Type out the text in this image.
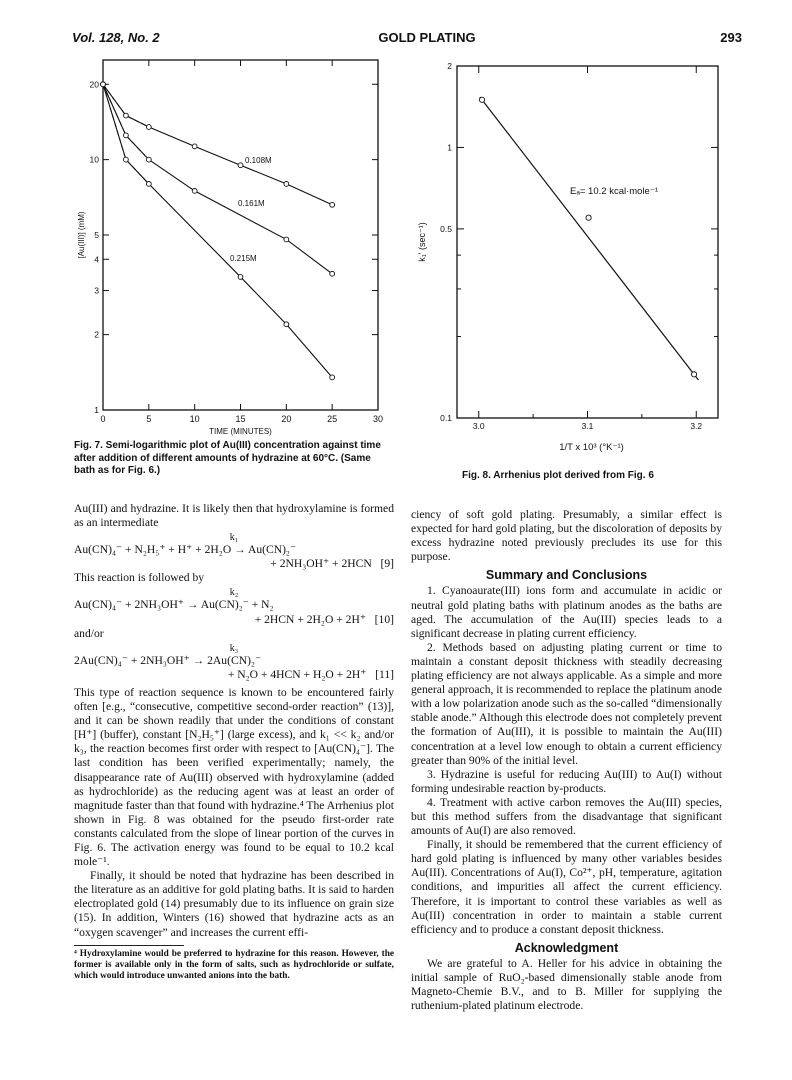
Vol. 128, No. 2	GOLD PLATING	293
0	5	10	15	20	25	30
1
2
3
4
5
10
20
TIME (MINUTES)
[Au(III)] (mM)
0.108M
0.161M
0.215M
Fig. 7. Semi-logarithmic plot of Au(III) concentration against time after addition of different amounts of hydrazine at 60°C. (Same bath as for Fig. 6.)
3.0	3.1	3.2
0.1
0.5
1
2
k₁' (sec⁻¹)
1/T x 10³ (°K⁻¹)
Eₐ= 10.2 kcal·mole⁻¹
Fig. 8. Arrhenius plot derived from Fig. 6

Au(III) and hydrazine. It is likely then that hydroxylamine is formed as an intermediate

k₁

Au(CN)₄⁻ + N₂H₅⁺ + H⁺ + 2H₂O → Au(CN)₂⁻

+ 2NH₃OH⁺ + 2HCN [9]

This reaction is followed by

k₂

Au(CN)₄⁻ + 2NH₃OH⁺ → Au(CN)₂⁻ + N₂

+ 2HCN + 2H₂O + 2H⁺ [10]

and/or

k₃

2Au(CN)₄⁻ + 2NH₃OH⁺ → 2Au(CN)₂⁻

+ N₂O + 4HCN + H₂O + 2H⁺ [11]

This type of reaction sequence is known to be encountered fairly often [e.g., “consecutive, competitive second-order reaction” (13)], and it can be shown readily that under the conditions of constant [H⁺] (buffer), constant [N₂H₅⁺] (large excess), and k₁ << k₂ and/or k₃, the reaction becomes first order with respect to [Au(CN)₄⁻]. The last condition has been verified experimentally; namely, the disappearance rate of Au(III) observed with hydroxylamine (added as hydrochloride) as the reducing agent was at least an order of magnitude faster than that found with hydrazine.⁴ The Arrhenius plot shown in Fig. 8 was obtained for the pseudo first-order rate constants calculated from the slope of linear portion of the curves in Fig. 6. The activation energy was found to be equal to 10.2 kcal mole⁻¹.

Finally, it should be noted that hydrazine has been described in the literature as an additive for gold plating baths. It is said to harden electroplated gold (14) presumably due to its influence on grain size (15). In addition, Winters (16) showed that hydrazine acts as an “oxygen scavenger” and increases the current effi-

⁴ Hydroxylamine would be preferred to hydrazine for this reason. However, the former is available only in the form of salts, such as hydrochloride or sulfate, which would introduce unwanted anions into the bath.

ciency of soft gold plating. Presumably, a similar effect is expected for hard gold plating, but the discoloration of deposits by excess hydrazine noted previously precludes its use for this purpose.

Summary and Conclusions

1. Cyanoaurate(III) ions form and accumulate in acidic or neutral gold plating baths with platinum anodes as the baths are aged. The accumulation of the Au(III) species leads to a significant decrease in plating current efficiency.

2. Methods based on adjusting plating current or time to maintain a constant deposit thickness with steadily decreasing plating efficiency are not always applicable. As a simple and more general approach, it is recommended to replace the platinum anode with a low polarization anode such as the so-called “dimensionally stable anode.” Although this electrode does not completely prevent the formation of Au(III), it is possible to maintain the Au(III) concentration at a level low enough to obtain a current efficiency greater than 90% of the initial level.

3. Hydrazine is useful for reducing Au(III) to Au(I) without forming undesirable reaction by-products.

4. Treatment with active carbon removes the Au(III) species, but this method suffers from the disadvantage that significant amounts of Au(I) are also removed.

Finally, it should be remembered that the current efficiency of hard gold plating is influenced by many other variables besides Au(III). Concentrations of Au(I), Co²⁺, pH, temperature, agitation conditions, and impurities all affect the current efficiency. Therefore, it is important to control these variables as well as Au(III) concentration in order to maintain a stable current efficiency and to produce a constant deposit thickness.

Acknowledgment

We are grateful to A. Heller for his advice in obtaining the initial sample of RuO₂-based dimensionally stable anode from Magneto-Chemie B.V., and to B. Miller for supplying the ruthenium-plated platinum electrode.
